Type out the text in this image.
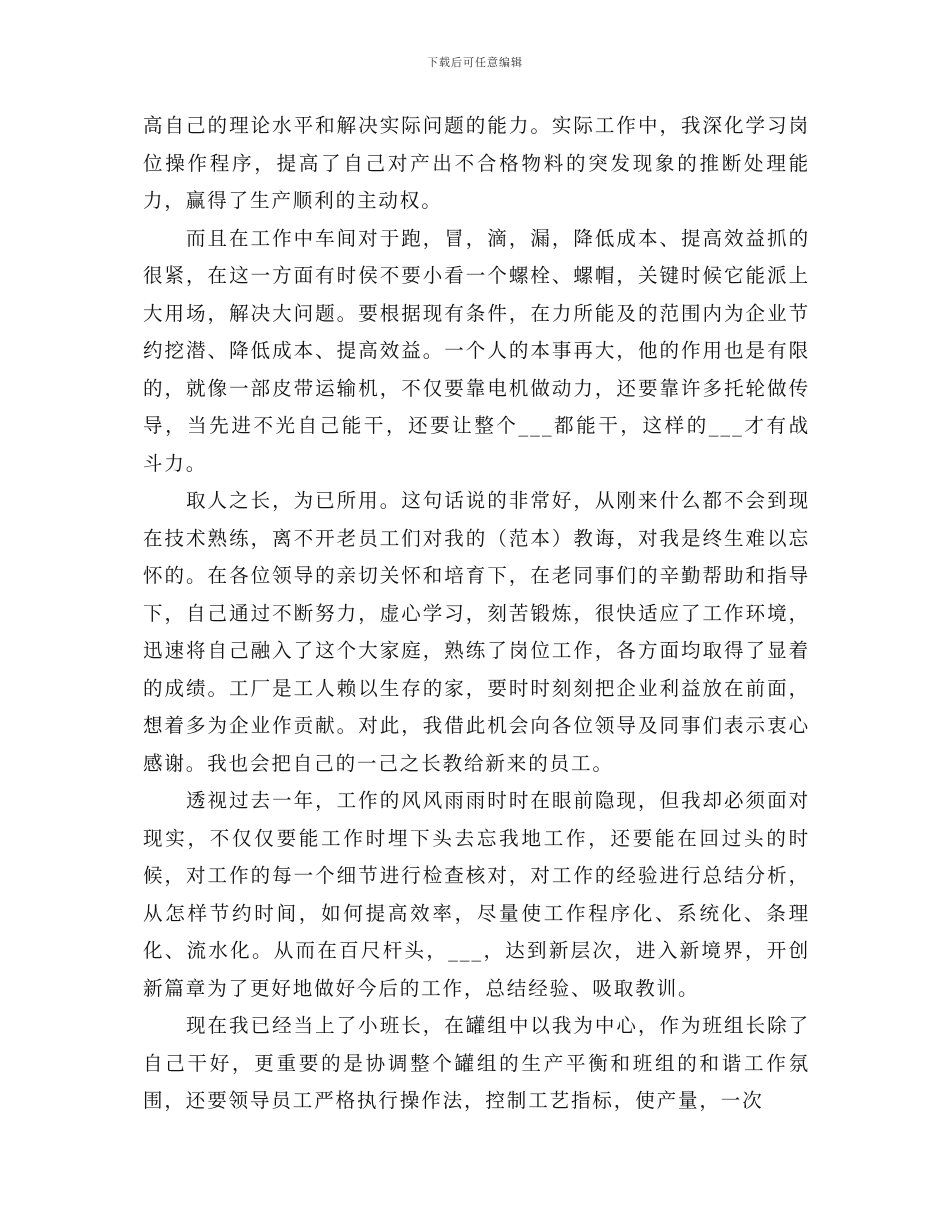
下载后可任意编辑

高自己的理论水平和解决实际问题的能力。实际工作中，我深化学习岗位操作程序，提高了自己对产出不合格物料的突发现象的推断处理能力，赢得了生产顺利的主动权。

而且在工作中车间对于跑，冒，滴，漏，降低成本、提高效益抓的很紧，在这一方面有时侯不要小看一个螺栓、螺帽，关键时候它能派上大用场，解决大问题。要根据现有条件，在力所能及的范围内为企业节约挖潜、降低成本、提高效益。一个人的本事再大，他的作用也是有限的，就像一部皮带运输机，不仅要靠电机做动力，还要靠许多托轮做传导，当先进不光自己能干，还要让整个___都能干，这样的___才有战斗力。

取人之长，为已所用。这句话说的非常好，从刚来什么都不会到现在技术熟练，离不开老员工们对我的（范本）教诲，对我是终生难以忘怀的。在各位领导的亲切关怀和培育下，在老同事们的辛勤帮助和指导下，自己通过不断努力，虚心学习，刻苦锻炼，很快适应了工作环境，迅速将自己融入了这个大家庭，熟练了岗位工作，各方面均取得了显着的成绩。工厂是工人赖以生存的家，要时时刻刻把企业利益放在前面，想着多为企业作贡献。对此，我借此机会向各位领导及同事们表示衷心感谢。我也会把自己的一己之长教给新来的员工。

透视过去一年，工作的风风雨雨时时在眼前隐现，但我却必须面对现实，不仅仅要能工作时埋下头去忘我地工作，还要能在回过头的时候，对工作的每一个细节进行检查核对，对工作的经验进行总结分析，从怎样节约时间，如何提高效率，尽量使工作程序化、系统化、条理化、流水化。从而在百尺杆头，___，达到新层次，进入新境界，开创新篇章为了更好地做好今后的工作，总结经验、吸取教训。

现在我已经当上了小班长，在罐组中以我为中心，作为班组长除了自己干好，更重要的是协调整个罐组的生产平衡和班组的和谐工作氛围，还要领导员工严格执行操作法，控制工艺指标，使产量，一次
